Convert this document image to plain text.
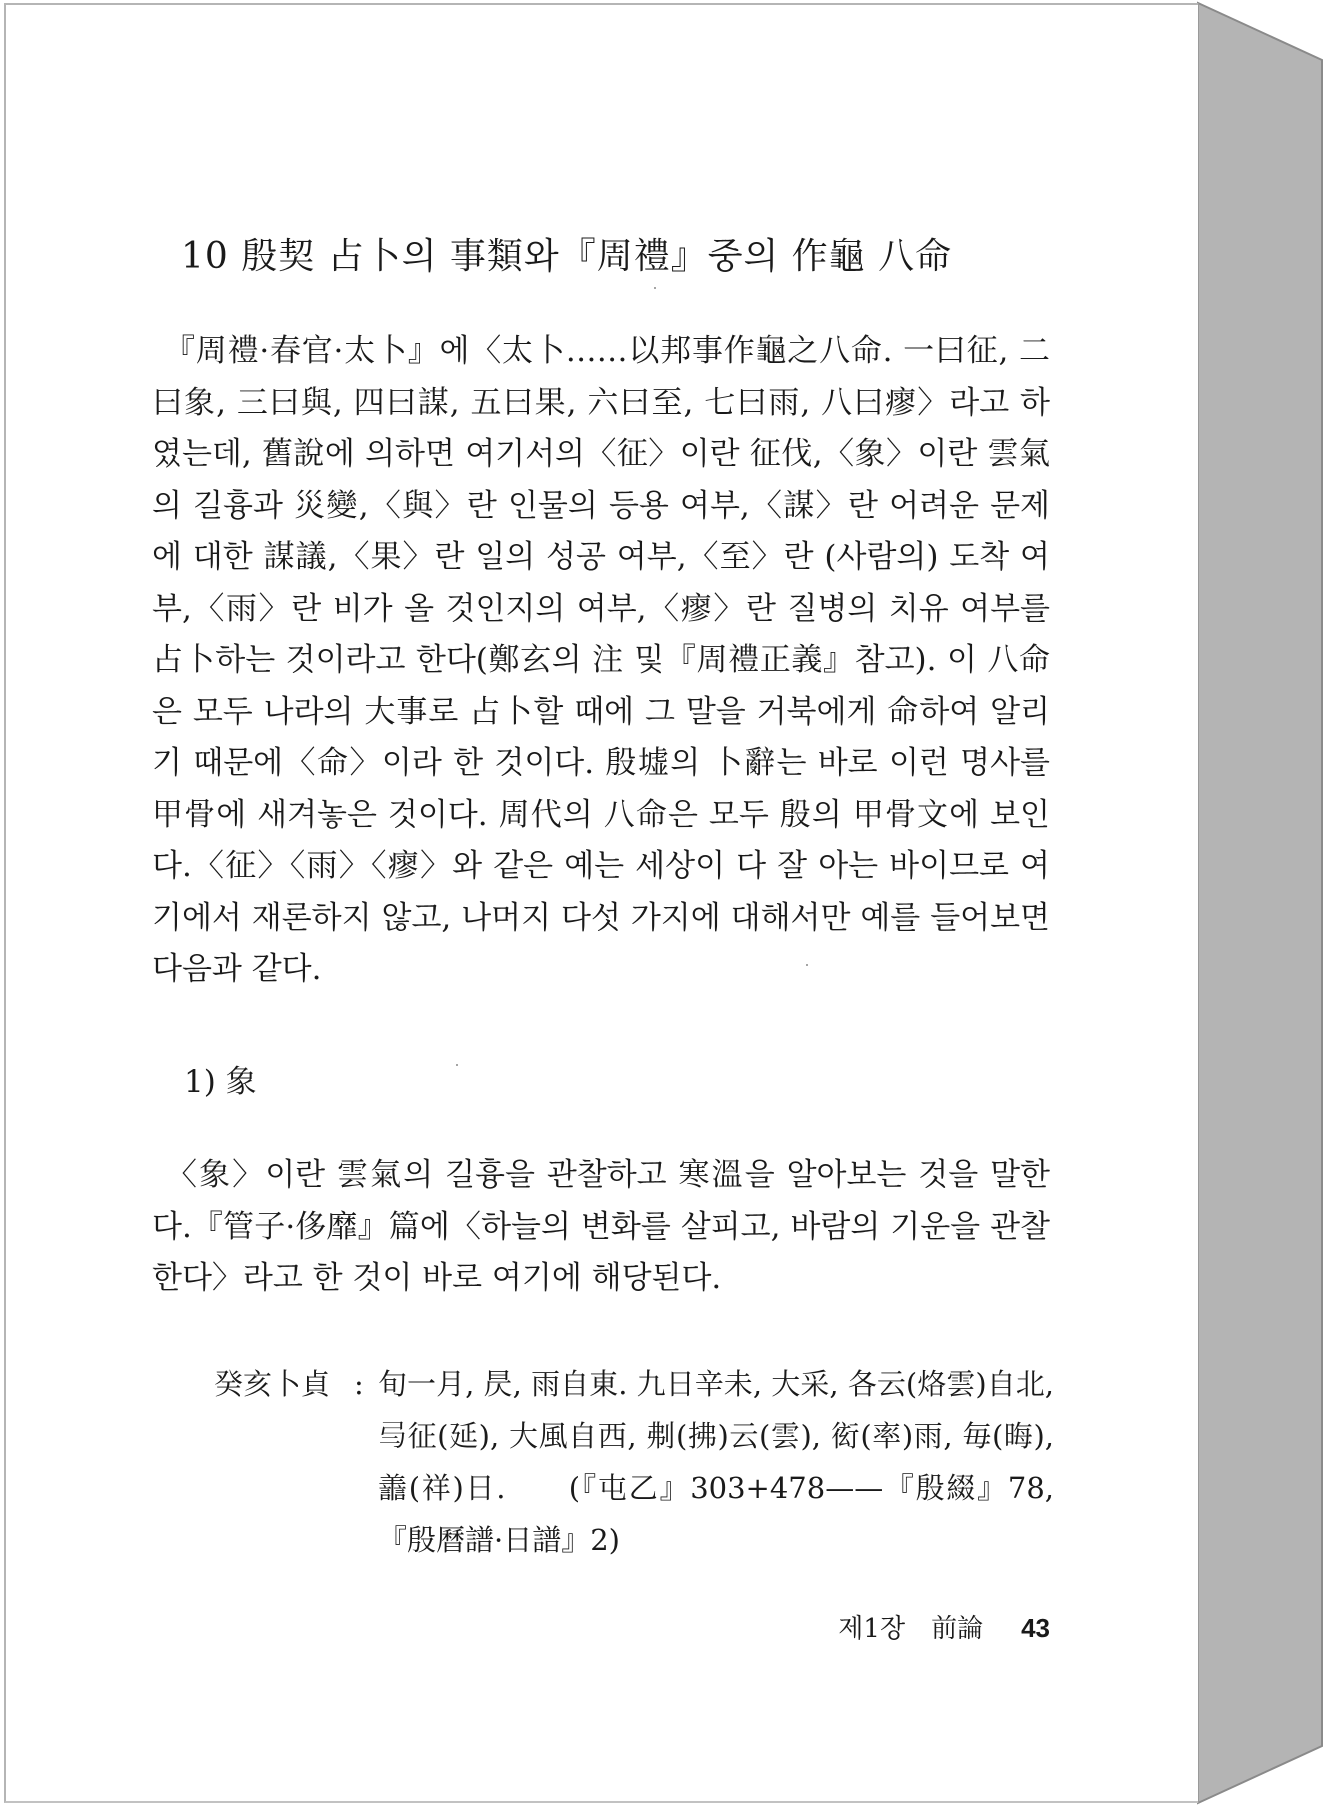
10 殷契 占卜의 事類와『周禮』중의 作龜 八命

『周禮·春官·太卜』에〈太卜……以邦事作龜之八命. 一曰征, 二曰象, 三曰與, 四曰謀, 五曰果, 六曰至, 七曰雨, 八曰瘳〉라고 하였는데, 舊說에 의하면 여기서의〈征〉이란 征伐,〈象〉이란 雲氣의 길흉과 災變,〈與〉란 인물의 등용 여부,〈謀〉란 어려운 문제에 대한 謀議,〈果〉란 일의 성공 여부,〈至〉란 (사람의) 도착 여부,〈雨〉란 비가 올 것인지의 여부,〈瘳〉란 질병의 치유 여부를 占卜하는 것이라고 한다(鄭玄의 注 및『周禮正義』참고). 이 八命은 모두 나라의 大事로 占卜할 때에 그 말을 거북에게 命하여 알리기 때문에〈命〉이라 한 것이다. 殷墟의 卜辭는 바로 이런 명사를 甲骨에 새겨놓은 것이다. 周代의 八命은 모두 殷의 甲骨文에 보인다.〈征〉〈雨〉〈瘳〉와 같은 예는 세상이 다 잘 아는 바이므로 여기에서 재론하지 않고, 나머지 다섯 가지에 대해서만 예를 들어보면 다음과 같다.

1) 象

〈象〉이란 雲氣의 길흉을 관찰하고 寒溫을 알아보는 것을 말한다.『管子·侈靡』篇에〈하늘의 변화를 살피고, 바람의 기운을 관찰한다〉라고 한 것이 바로 여기에 해당된다.

癸亥卜貞 : 旬一月, 昃, 雨自東. 九日辛未, 大采, 各云(烙雲)自北, 𢎥征(延), 大風自西, 刜(拂)云(雲), 衒(率)雨, 毎(晦), 譱(祥)日.　　(『屯乙』303+478——『殷綴』78,『殷曆譜·日譜』2)
제1장　前論 43
